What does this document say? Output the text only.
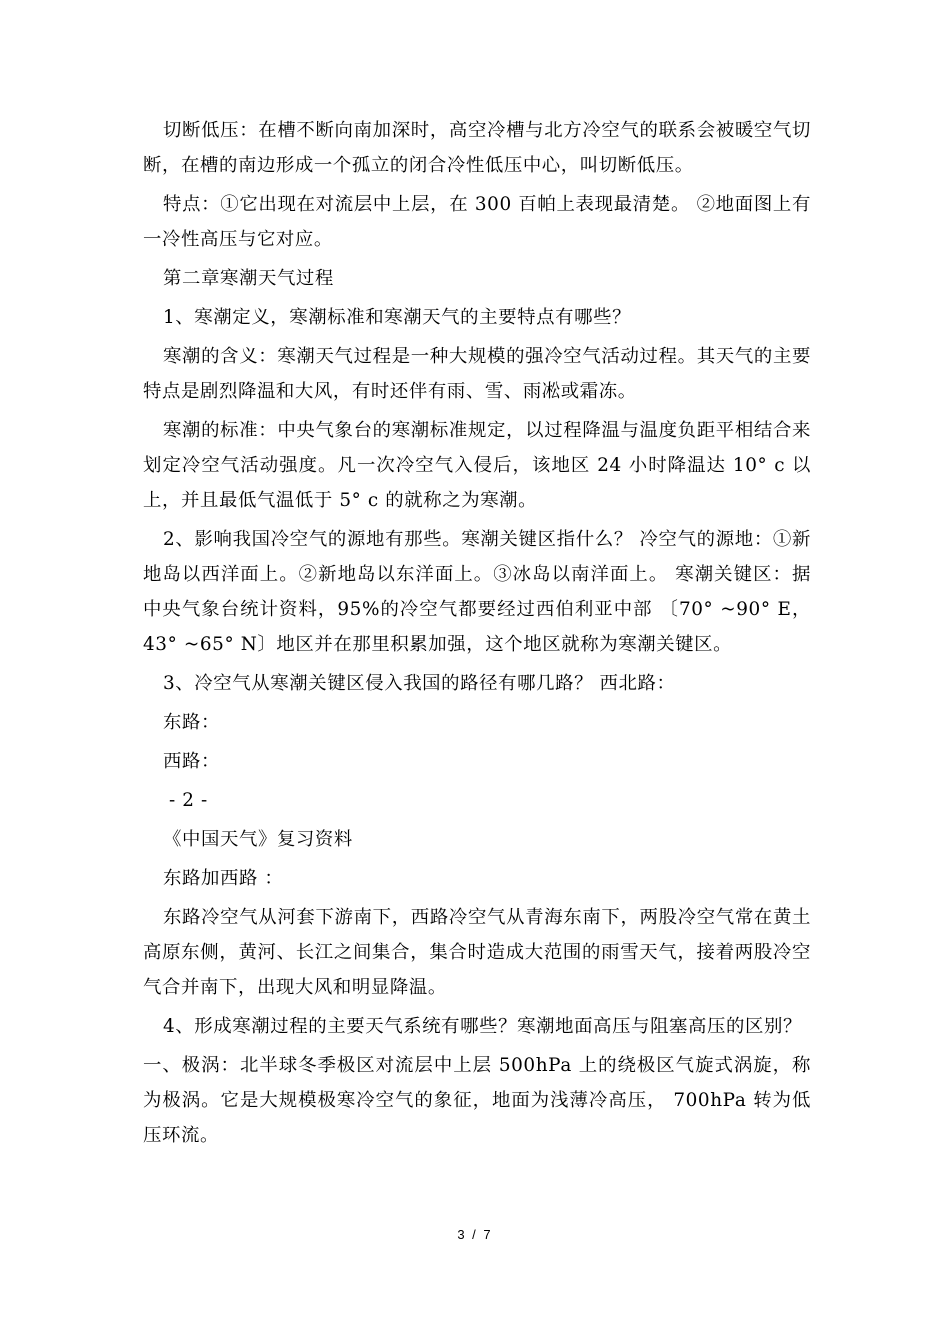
切断低压：在槽不断向南加深时，高空冷槽与北方冷空气的联系会被暖空气切断，在槽的南边形成一个孤立的闭合冷性低压中心，叫切断低压。

特点：①它出现在对流层中上层，在 300 百帕上表现最清楚。 ②地面图上有一冷性高压与它对应。

第二章寒潮天气过程

1、寒潮定义，寒潮标准和寒潮天气的主要特点有哪些？

寒潮的含义：寒潮天气过程是一种大规模的强冷空气活动过程。其天气的主要特点是剧烈降温和大风，有时还伴有雨、雪、雨凇或霜冻。

寒潮的标准：中央气象台的寒潮标准规定，以过程降温与温度负距平相结合来划定冷空气活动强度。凡一次冷空气入侵后，该地区 24 小时降温达 10° c 以上，并且最低气温低于 5° c 的就称之为寒潮。

2、影响我国冷空气的源地有那些。寒潮关键区指什么？ 冷空气的源地：①新地岛以西洋面上。②新地岛以东洋面上。③冰岛以南洋面上。 寒潮关键区：据中央气象台统计资料，95%的冷空气都要经过西伯利亚中部 〔70° ~90° E，43° ~65° N〕地区并在那里积累加强，这个地区就称为寒潮关键区。

3、冷空气从寒潮关键区侵入我国的路径有哪几路？ 西北路：

东路：

西路：

- 2 -

《中国天气》复习资料

东路加西路 ：

东路冷空气从河套下游南下，西路冷空气从青海东南下，两股冷空气常在黄土高原东侧，黄河、长江之间集合，集合时造成大范围的雨雪天气，接着两股冷空气合并南下，出现大风和明显降温。

4、形成寒潮过程的主要天气系统有哪些？寒潮地面高压与阻塞高压的区别？

一、极涡：北半球冬季极区对流层中上层 500hPa 上的绕极区气旋式涡旋，称为极涡。它是大规模极寒冷空气的象征，地面为浅薄冷高压， 700hPa 转为低压环流。

3 / 7
